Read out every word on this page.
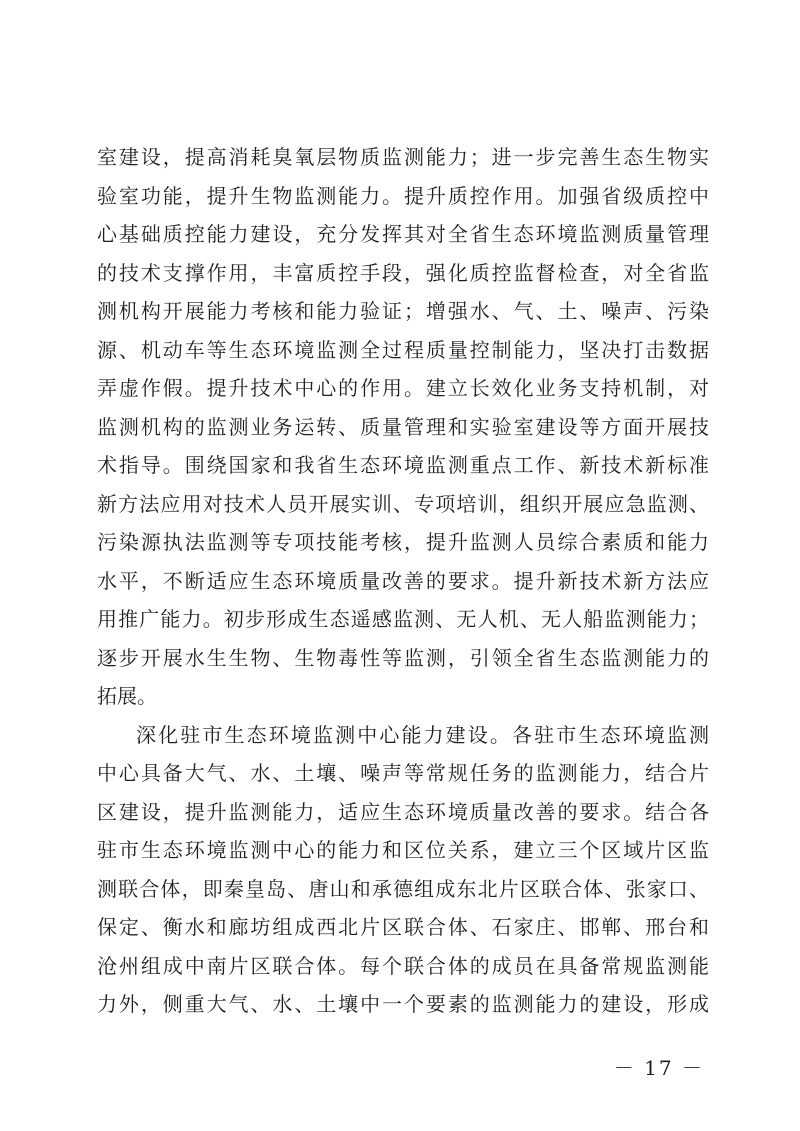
室建设，提高消耗臭氧层物质监测能力；进一步完善生态生物实
验室功能，提升生物监测能力。提升质控作用。加强省级质控中
心基础质控能力建设，充分发挥其对全省生态环境监测质量管理
的技术支撑作用，丰富质控手段，强化质控监督检查，对全省监
测机构开展能力考核和能力验证；增强水、气、土、噪声、污染
源、机动车等生态环境监测全过程质量控制能力，坚决打击数据
弄虚作假。提升技术中心的作用。建立长效化业务支持机制，对
监测机构的监测业务运转、质量管理和实验室建设等方面开展技
术指导。围绕国家和我省生态环境监测重点工作、新技术新标准
新方法应用对技术人员开展实训、专项培训，组织开展应急监测、
污染源执法监测等专项技能考核，提升监测人员综合素质和能力
水平，不断适应生态环境质量改善的要求。提升新技术新方法应
用推广能力。初步形成生态遥感监测、无人机、无人船监测能力；
逐步开展水生生物、生物毒性等监测，引领全省生态监测能力的
拓展。
深化驻市生态环境监测中心能力建设。各驻市生态环境监测
中心具备大气、水、土壤、噪声等常规任务的监测能力，结合片
区建设，提升监测能力，适应生态环境质量改善的要求。结合各
驻市生态环境监测中心的能力和区位关系，建立三个区域片区监
测联合体，即秦皇岛、唐山和承德组成东北片区联合体、张家口、
保定、衡水和廊坊组成西北片区联合体、石家庄、邯郸、邢台和
沧州组成中南片区联合体。每个联合体的成员在具备常规监测能
力外，侧重大气、水、土壤中一个要素的监测能力的建设，形成
－ 17 －
